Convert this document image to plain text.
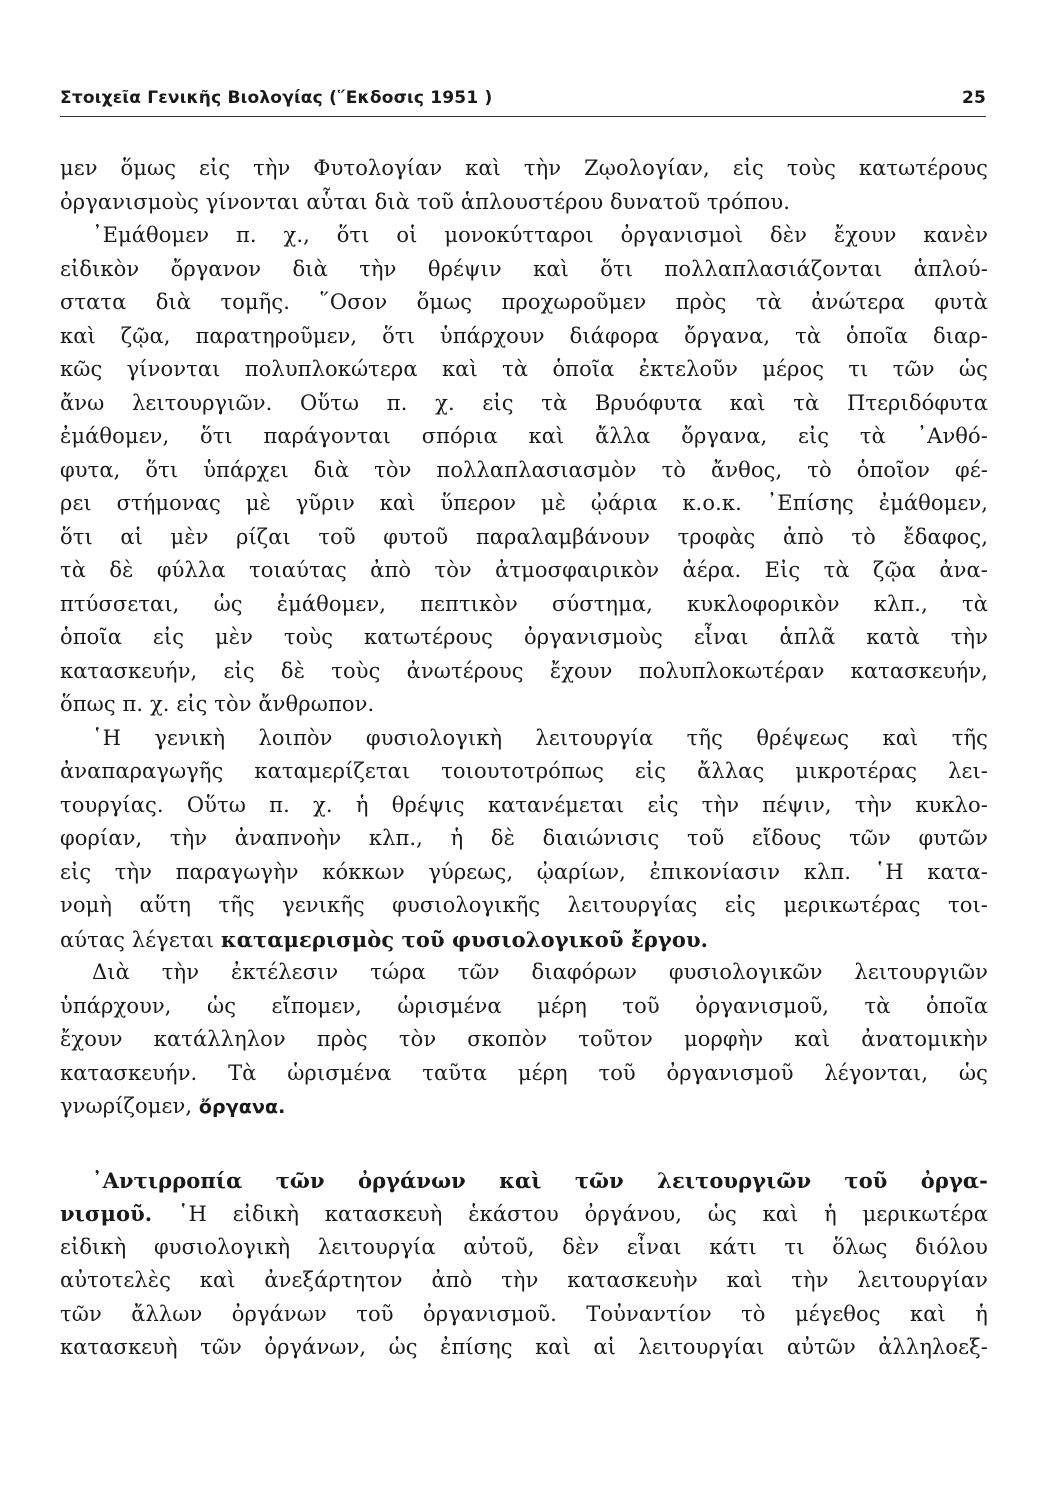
Στοιχεῖα Γενικῆς Βιολογίας (῞Εκδοσις 1951 )	25
μεν ὅμως εἰς τὴν Φυτολογίαν καὶ τὴν Ζῳολογίαν, εἰς τοὺς κατωτέρους
ὀργανισμοὺς γίνονται αὗται διὰ τοῦ ἁπλουστέρου δυνατοῦ τρόπου.
᾿Εμάθομεν π. χ., ὅτι οἱ μονοκύτταροι ὀργανισμοὶ δὲν ἔχουν κανὲν
εἰδικὸν ὄργανον διὰ τὴν θρέψιν καὶ ὅτι πολλαπλασιάζονται ἁπλού-
στατα διὰ τομῆς. ῞Οσον ὅμως προχωροῦμεν πρὸς τὰ ἀνώτερα φυτὰ
καὶ ζῷα, παρατηροῦμεν, ὅτι ὑπάρχουν διάφορα ὄργανα, τὰ ὁποῖα διαρ-
κῶς γίνονται πολυπλοκώτερα καὶ τὰ ὁποῖα ἐκτελοῦν μέρος τι τῶν ὡς
ἄνω λειτουργιῶν. Οὕτω π. χ. εἰς τὰ Βρυόφυτα καὶ τὰ Πτεριδόφυτα
ἐμάθομεν, ὅτι παράγονται σπόρια καὶ ἄλλα ὄργανα, εἰς τὰ ᾿Ανθό-
φυτα, ὅτι ὑπάρχει διὰ τὸν πολλαπλασιασμὸν τὸ ἄνθος, τὸ ὁποῖον φέ-
ρει στήμονας μὲ γῦριν καὶ ὕπερον μὲ ᾠάρια κ.ο.κ. ᾿Επίσης ἐμάθομεν,
ὅτι αἱ μὲν ρίζαι τοῦ φυτοῦ παραλαμβάνουν τροφὰς ἀπὸ τὸ ἔδαφος,
τὰ δὲ φύλλα τοιαύτας ἀπὸ τὸν ἀτμοσφαιρικὸν ἀέρα. Εἰς τὰ ζῷα ἀνα-
πτύσσεται, ὡς ἐμάθομεν, πεπτικὸν σύστημα, κυκλοφορικὸν κλπ., τὰ
ὁποῖα εἰς μὲν τοὺς κατωτέρους ὀργανισμοὺς εἶναι ἁπλᾶ κατὰ τὴν
κατασκευήν, εἰς δὲ τοὺς ἀνωτέρους ἔχουν πολυπλοκωτέραν κατασκευήν,
ὅπως π. χ. εἰς τὸν ἄνθρωπον.
῾Η γενικὴ λοιπὸν φυσιολογικὴ λειτουργία τῆς θρέψεως καὶ τῆς
ἀναπαραγωγῆς καταμερίζεται τοιουτοτρόπως εἰς ἄλλας μικροτέρας λει-
τουργίας. Οὕτω π. χ. ἡ θρέψις κατανέμεται εἰς τὴν πέψιν, τὴν κυκλο-
φορίαν, τὴν ἀναπνοὴν κλπ., ἡ δὲ διαιώνισις τοῦ εἴδους τῶν φυτῶν
εἰς τὴν παραγωγὴν κόκκων γύρεως, ᾠαρίων, ἐπικονίασιν κλπ. ῾Η κατα-
νομὴ αὕτη τῆς γενικῆς φυσιολογικῆς λειτουργίας εἰς μερικωτέρας τοι-
αύτας λέγεται καταμερισμὸς τοῦ φυσιολογικοῦ ἔργου.
Διὰ τὴν ἐκτέλεσιν τώρα τῶν διαφόρων φυσιολογικῶν λειτουργιῶν
ὑπάρχουν, ὡς εἴπομεν, ὡρισμένα μέρη τοῦ ὀργανισμοῦ, τὰ ὁποῖα
ἔχουν κατάλληλον πρὸς τὸν σκοπὸν τοῦτον μορφὴν καὶ ἀνατομικὴν
κατασκευήν. Τὰ ὡρισμένα ταῦτα μέρη τοῦ ὀργανισμοῦ λέγονται, ὡς
γνωρίζομεν, ὄργανα.
᾿Αντιρροπία τῶν ὀργάνων καὶ τῶν λειτουργιῶν τοῦ ὀργα-
νισμοῦ. ῾Η εἰδικὴ κατασκευὴ ἑκάστου ὀργάνου, ὡς καὶ ἡ μερικωτέρα
εἰδικὴ φυσιολογικὴ λειτουργία αὐτοῦ, δὲν εἶναι κάτι τι ὅλως διόλου
αὐτοτελὲς καὶ ἀνεξάρτητον ἀπὸ τὴν κατασκευὴν καὶ τὴν λειτουργίαν
τῶν ἄλλων ὀργάνων τοῦ ὀργανισμοῦ. Τοὐναντίον τὸ μέγεθος καὶ ἡ
κατασκευὴ τῶν ὀργάνων, ὡς ἐπίσης καὶ αἱ λειτουργίαι αὐτῶν ἀλληλοεξ-
